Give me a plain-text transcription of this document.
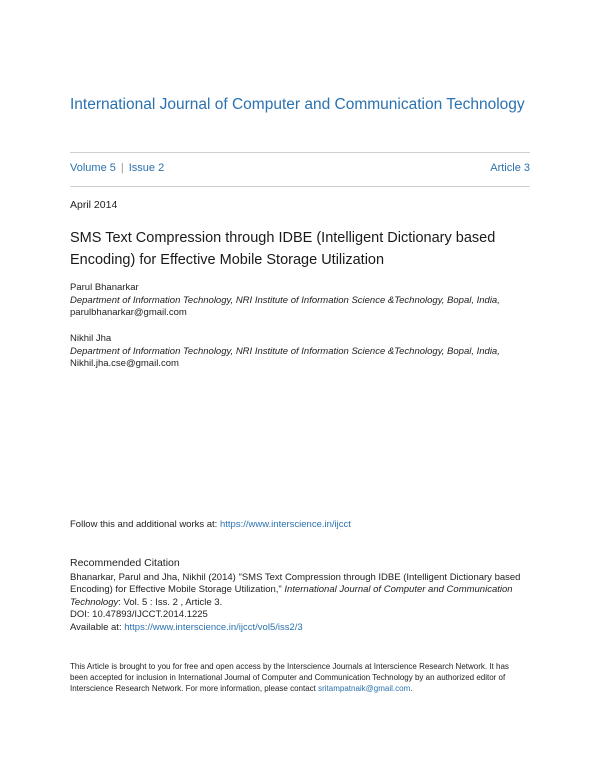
International Journal of Computer and Communication Technology
Volume 5 | Issue 2	Article 3
April 2014
SMS Text Compression through IDBE (Intelligent Dictionary based Encoding) for Effective Mobile Storage Utilization
Parul Bhanarkar
Department of Information Technology, NRI Institute of Information Science &Technology, Bopal, India,
parulbhanarkar@gmail.com
Nikhil Jha
Department of Information Technology, NRI Institute of Information Science &Technology, Bopal, India,
Nikhil.jha.cse@gmail.com
Follow this and additional works at: https://www.interscience.in/ijcct
Recommended Citation
Bhanarkar, Parul and Jha, Nikhil (2014) "SMS Text Compression through IDBE (Intelligent Dictionary based Encoding) for Effective Mobile Storage Utilization," International Journal of Computer and Communication Technology: Vol. 5 : Iss. 2 , Article 3.
DOI: 10.47893/IJCCT.2014.1225
Available at: https://www.interscience.in/ijcct/vol5/iss2/3
This Article is brought to you for free and open access by the Interscience Journals at Interscience Research Network. It has been accepted for inclusion in International Journal of Computer and Communication Technology by an authorized editor of Interscience Research Network. For more information, please contact sritampatnaik@gmail.com.
